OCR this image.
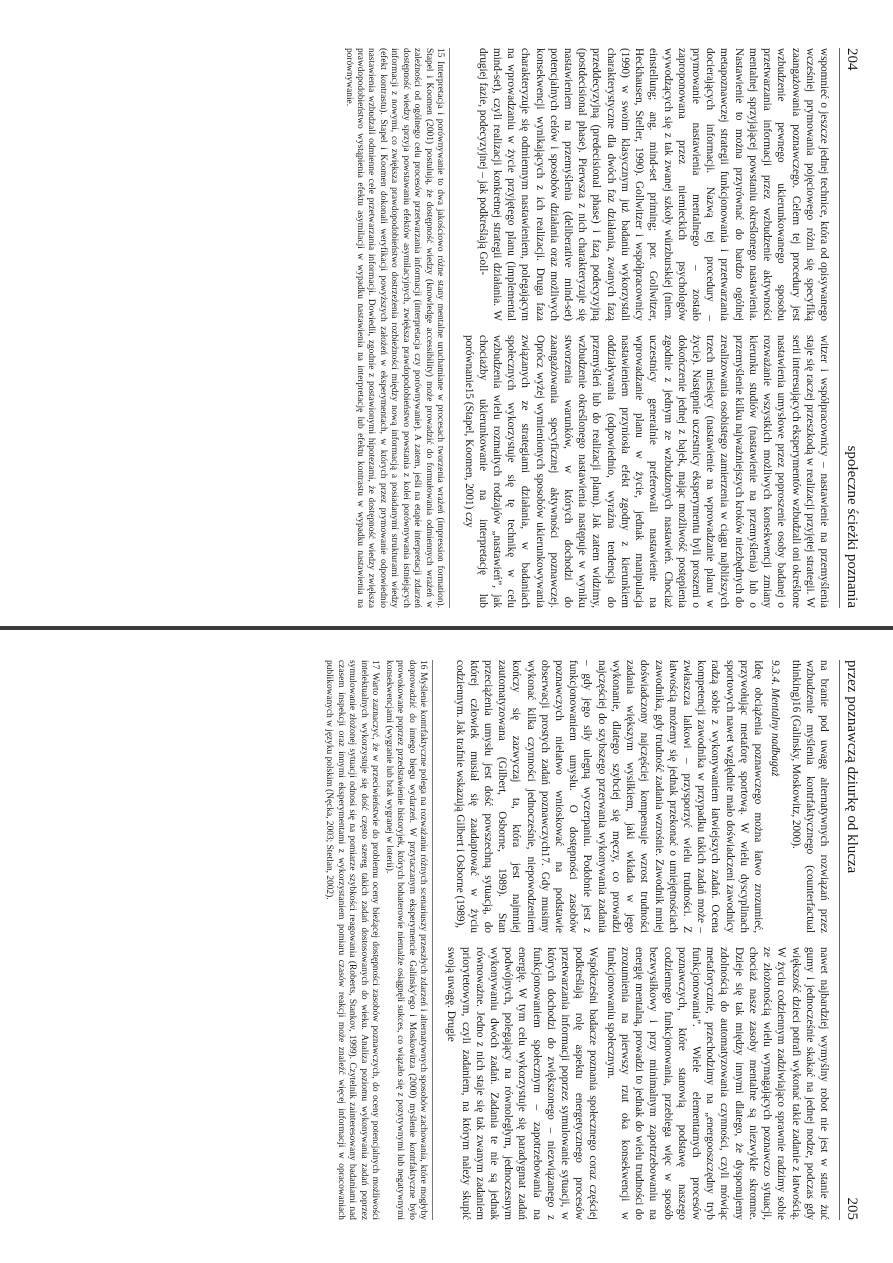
204
społeczne ścieżki poznania

wspomnieć o jeszcze jednej technice, która od opisywanego wcześniej prymowania pojęciowego różni się specyfiką zaangażowania poznawczego. Celem tej procedury jest wzbudzenie pewnego ukierunkowanego sposobu przetwarzania informacji przez wzbudzenie aktywności mentalnej sprzyjającej powstaniu określonego nastawienia. Nastawienie to można przyrównać do bardzo ogólnej metapoznawczej strategii funkcjonowania i przetwarzania docierających informacji. Nazwą tej procedury – prymowanie nastawienia mentalnego – zostało zaproponowana przez niemieckich psychologów wywodzących się z tak zwanej szkoły würzburskiej (niem. einstellung; ang. mind-set priming; por. Gollwitzer, Heckhausen, Steller, 1990). Gollwitzer i współpracownicy (1990) w swoim klasycznym już badaniu wykorzystali charakterystyczne dla dwóch faz działania, zwanych fazą przeddecyzyjną (predecisional phase) i fazą podecyzyjną (postdecisional phase). Pierwsza z nich charakteryzuje się nastawieniem na przemyślenia (deliberative mind-set) potencjalnych celów i sposobów działania oraz możliwych konsekwencji wynikających z ich realizacji. Druga faza charakteryzuje się odmiennym nastawieniem, polegającym na wprowadzaniu w życie przyjętego planu (implemental mind-set), czyli realizacji konkretnej strategii działania. W drugiej fazie, podecyzyjnej – jak podkreślają Goll-

witzer i współpracownicy – nastawienie na przemyślenia staje się raczej przeszkodą w realizacji przyjętej strategii. W serii interesujących eksperymentów wzbudzali oni określone nastawienia umysłowe przez poproszenie osoby badanej o rozważanie wszystkich możliwych konsekwencji zmiany kierunku studiów (nastawienie na przemyślenia) lub o przemyślenie kilku najważniejszych kroków niezbędnych do zrealizowania osobistego zamierzenia w ciągu najbliższych trzech miesięcy (nastawienie na wprowadzanie planu w życie). Następnie uczestnicy eksperymentu byli proszeni o dokończenie jednej z bajek, mając możliwość postępienia zgodnie z jednym ze wzbudzonych nastawień. Chociaż uczestnicy generalnie preferowali nastawienie na wprowadzanie planu w życie, jednak manipulacja nastawieniem przyniosła efekt zgodny z kierunkiem oddziaływania (odpowiednio, wyraźna tendencja do przemyśleń lub do realizacji planu). Jak zatem widzimy, wzbudzenie określonego nastawienia następuje w wyniku stworzenia warunków, w których dochodzi do zaangażowania specyficznej aktywności poznawczej. Oprócz wyżej wymienionych sposobów ukierunkowywania związanych ze strategiami działania, w badaniach społecznych wykorzystuje się tę technikę w celu wzbudzenia wielu rozmaitych rodzajów „nastawień”, jak chociażby ukierunkowanie na interpretację lub porównanie15 (Stapel, Koomen, 2001) czy

15 Interpretacja i porównywanie to dwa jakościowo różne stany mentalne uruchamiane w procesach tworzenia wrażeń (impression formation). Stapel i Koomen (2001) postulują, że dostępność wiedzy (knowledge accessibility) może prowadzić do formułowania odmiennych wrażeń w zależności od ogólnego celu procesów przetwarzania informacji (interpretacja czy porównywanie). A zatem, jeśli na etapie interpretacji zdarzeń dostępność wiedzy sprzyja powstawaniu efektów asymilacyjnych, zwiększa prawdopodobieństwo powstania z kolei porównywania istniejących informacji z nowymi, co zwiększa prawdopodobieństwo dostrzeżenia rozbieżności między nową informacją a posiadanymi strukturami wiedzy (efekt kontrastu). Stapel i Koomen dokonali weryfikacji powyższych założeń w eksperymentach, w których przez prymowanie odpowiednio nastawienia wzbudzali odmienne cele przetwarzania informacji. Dowiedli, zgodnie z postawionymi hipotezami, że dostępność wiedzy zwiększa prawdopodobieństwo wystąpienia efektu asymilacji w wypadku nastawienia na interpretację lub efektu kontrastu w wypadku nastawienia na porównywanie.

przez poznawczą dziurkę od klucza
205

na branie pod uwagę alternatywnych rozwiązań przez wzbudzenie myślenia kontrfaktycznego (counterfactual thinking)16 (Galinsky, Moskowitz, 2000).

9.3.4. Mentalny nadbagaż

Ideę obciążenia poznawczego można łatwo zrozumieć, przywołując metaforę sportową. W wielu dyscyplinach sportowych nawet względnie mało doświadczeni zawodnicy radzą sobie z wykonywaniem łatwiejszych zadań. Ocena kompetencji zawodnika w przypadku takich zadań może – zwłaszcza laikowi – przysporzyć wielu trudności. Z łatwością możemy się jednak przekonać o umiejętnościach zawodnika, gdy trudność zadania wzrośnie. Zawodnik mniej doświadczony najczęściej kompensuje wzrost trudności zadania większym wysiłkiem, jaki wkłada w jego wykonanie, dlatego szybciej się męczy, co prowadzi najczęściej do szybszego przerwania wykonywania zadania – gdy jego siły ulegną wyczerpaniu. Podobnie jest z funkcjonowaniem umysłu. O dostępności zasobów poznawczych niełatwo wnioskować na podstawie obserwacji prostych zadań poznawczych17. Gdy musimy wykonać kilka czynności jednocześnie, niepowodzeniem kończy się zazwyczaj ta, która jest najmniej zautomatyzowana (Gilbert, Osborne, 1989). Stan przeciążenia umysłu jest dość powszechną sytuacją, do której człowiek musiał się zaadaptować w życiu codziennym. Jak trafnie wskazują Gilbert i Osborne (1989),

nawet najbardziej wymyślny robot nie jest w stanie żuć gumy i jednocześnie skakać na jednej nodze, podczas gdy większość dzieci potrafi wykonać takie zadanie z łatwością. W życiu codziennym zadziwiająco sprawnie radzimy sobie ze złożonością wielu wymagających poznawczo sytuacji, chociaż nasze zasoby mentalne są niezwykle skromne. Dzieje się tak między innymi dlatego, że dysponujemy zdolnością do automatyzowania czynności, czyli mówiąc metaforycznie, przechodzimy na „energooszczędny tryb funkcjonowania”. Wiele elementarnych procesów poznawczych, które stanowią podstawę naszego codziennego funkcjonowania, przebiega więc w sposób bezwysiłkowy i przy minimalnym zapotrzebowaniu na energię mentalną, prowadzi to jednak do wielu trudności do zrozumienia na pierwszy rzut oka konsekwencji w funkcjonowaniu społecznym.

Współcześni badacze poznania społecznego coraz częściej podkreślają rolę aspektu energetycznego procesów przetwarzania informacji poprzez symulowanie sytuacji, w których dochodzi do zwiększonego – niezwiązanego z funkcjonowaniem społecznym – zapotrzebowania na energię. W tym celu wykorzystuje się paradygmat zadań podwójnych, polegający na równoległym, jednoczesnym wykonywaniu dwóch zadań. Zadania te nie są jednak równoważne. Jedno z nich staje się tak zwanym zadaniem priorytetowym, czyli zadaniem, na którym należy skupić swoją uwagę. Drugie

16 Myślenie kontrfaktyczne polega na rozważaniu różnych scenariuszy przeszłych zdarzeń i alternatywnych sposobów zachowania, które mogłyby doprowadzić do innego biegu wydarzeń. W przytaczanym eksperymencie Galinsky'ego i Moskowitza (2000) myślenie kontrfaktyczne było prowokowane poprzez przedstawienie historyjek, których bohaterowie niemalże osiągnęli sukces, co wiązało się z pozytywnymi lub negatywnymi konsekwencjami (wygranie lub brak wygranej w loterii).

17 Warto zaznaczyć, że w przeciwieństwie do problemu oceny bieżącej dostępności zasobów poznawczych, do oceny potencjalnych możliwości intelektualnych wykorzystuje się dość często szereg takich zadań dostosowanych do wieku. Analiza poziomu wykonywania zadań poprzez symulowanie złożonej sytuacji odnosi się na pomiarze szybkości reagowania (Roberts, Stankov, 1999). Czytelnik zainteresowany badaniami nad czasem inspekcji oraz innymi eksperymentami z wykorzystaniem pomiaru czasów reakcji może znaleźć więcej informacji w opracowaniach publikowanych w języku polskim (Nęcka, 2003; Stetlan, 2002).
